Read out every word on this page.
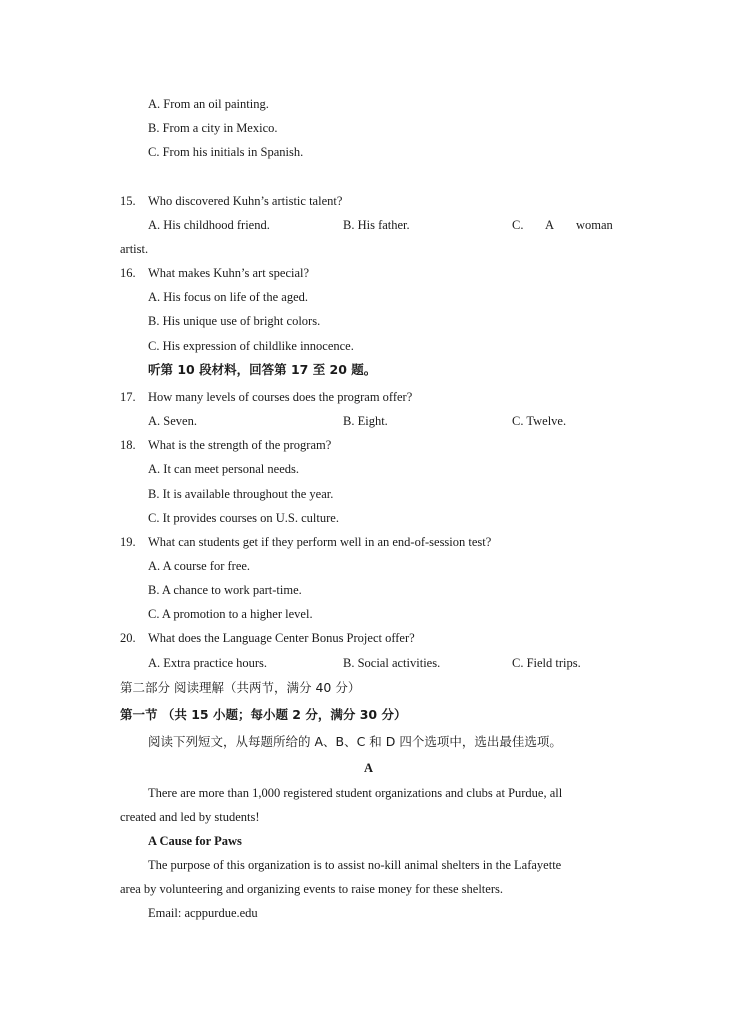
A. From an oil painting.
B. From a city in Mexico.
C. From his initials in Spanish.
15. Who discovered Kuhn’s artistic talent?
A. His childhood friend.	B. His father.	C. A woman
artist.
16. What makes Kuhn’s art special?
A. His focus on life of the aged.
B. His unique use of bright colors.
C. His expression of childlike innocence.
听第 10 段材料，回答第 17 至 20 题。
17. How many levels of courses does the program offer?
A. Seven.	B. Eight.	C. Twelve.
18. What is the strength of the program?
A. It can meet personal needs.
B. It is available throughout the year.
C. It provides courses on U.S. culture.
19. What can students get if they perform well in an end-of-session test?
A. A course for free.
B. A chance to work part-time.
C. A promotion to a higher level.
20. What does the Language Center Bonus Project offer?
A. Extra practice hours.	B. Social activities.	C. Field trips.
第二部分 阅读理解（共两节，满分 40 分）
第一节 （共 15 小题；每小题 2 分，满分 30 分）
阅读下列短文，从每题所给的 A、B、C 和 D 四个选项中，选出最佳选项。
A
There are more than 1,000 registered student organizations and clubs at Purdue, all
created and led by students!
A Cause for Paws
The purpose of this organization is to assist no-kill animal shelters in the Lafayette
area by volunteering and organizing events to raise money for these shelters.
Email: acppurdue.edu
